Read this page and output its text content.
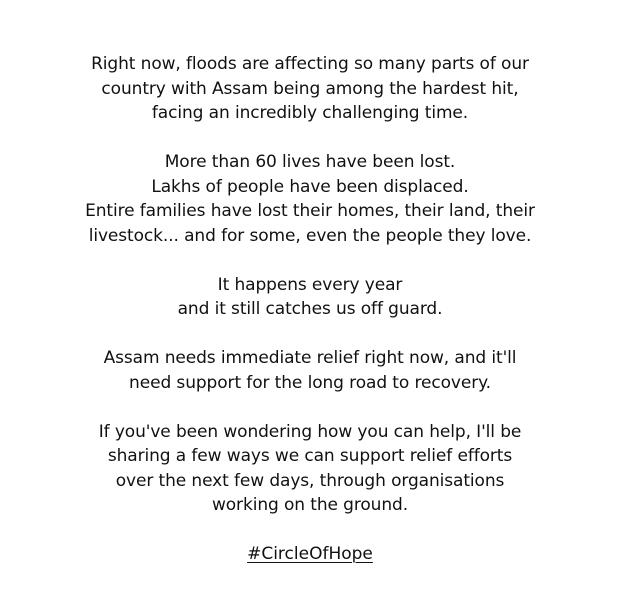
Right now, floods are affecting so many parts of our
country with Assam being among the hardest hit,
facing an incredibly challenging time.
More than 60 lives have been lost.
Lakhs of people have been displaced.
Entire families have lost their homes, their land, their
livestock... and for some, even the people they love.
It happens every year
and it still catches us off guard.
Assam needs immediate relief right now, and it'll
need support for the long road to recovery.
If you've been wondering how you can help, I'll be
sharing a few ways we can support relief efforts
over the next few days, through organisations
working on the ground.
#CircleOfHope
